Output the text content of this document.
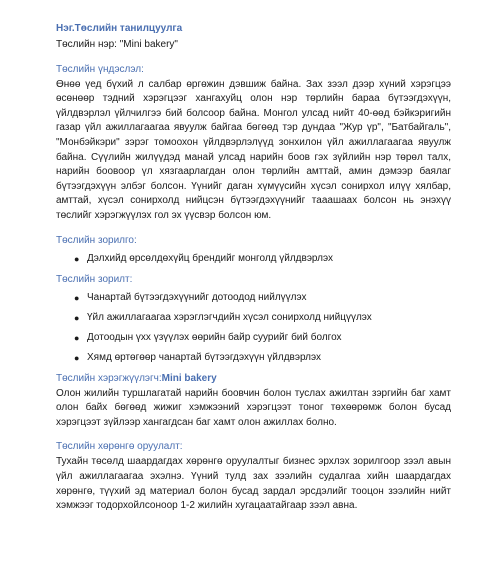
Нэг.Төслийн танилцуулга
Төслийн нэр: "Mini bakery"
Төслийн үндэслэл:
Өнөө үед бүхий л салбар өргөжин дэвшиж байна. Зах зээл дээр хүний хэрэгцээ өсөнөөр тэдний хэрэгцээг хангахуйц олон нэр төрлийн бараа бүтээгдэхүүн, үйлдвэрлэл үйлчилгээ бий болсоор байна. Монгол улсад нийт 40-өөд бэйкэригийн газар үйл ажиллагаагаа явуулж байгаа бөгөөд тэр дундаа "Жур үр", "Батбайгаль", "Монбэйкэри" зэрэг томоохон үйлдвэрлэлүүд зонхилон үйл ажиллагаагаа явуулж байна. Сүүлийн жилүүдэд манай улсад нарийн боов гэх зүйлийн нэр төрөл талх, нарийн боовоор үл хязгаарлагдан олон төрлийн амттай, амин дэмээр баялаг бүтээгдэхүүн элбэг болсон. Үүнийг даган хүмүүсийн хүсэл сонирхол илүү хялбар, амттай, хүсэл сонирхолд нийцсэн бүтээгдэхүүнийг тааашаах болсон нь энэхүү төслийг хэрэгжүүлэх гол эх үүсвэр болсон юм.
Төслийн зорилго:
● Дэлхийд өрсөлдөхүйц брендийг монголд үйлдвэрлэх
Төслийн зорилт:
● Чанартай бүтээгдэхүүнийг дотоодод нийлүүлэх
● Үйл ажиллагаагаа хэрэглэгчдийн хүсэл сонирхолд нийцүүлэх
● Дотоодын үхх үзүүлэх өөрийн байр суурийг бий болгох
● Хямд өртөгөөр чанартай бүтээгдэхүүн үйлдвэрлэх
Төслийн хэрэгжүүлэгч:Mini bakery
Олон жилийн туршлагатай нарийн боовчин болон туслах ажилтан зэргийн баг хамт олон байх бөгөөд жижиг хэмжээний хэрэгцээт тоног төхөөрөмж болон бусад хэрэгцээт зүйлээр хангагдсан баг хамт олон ажиллах болно.
Төслийн хөрөнгө оруулалт:
Тухайн төсөлд шаардагдах хөрөнгө оруулалтыг бизнес эрхлэх зорилгоор зээл авын үйл ажиллагаагаа эхэлнэ. Үүний тулд зах зээлийн судалгаа хийн шаардагдах хөрөнгө, түүхий эд материал болон бусад зардал эрсдэлийг тооцон зээлийн нийт хэмжээг тодорхойлсоноор 1-2 жилийн хугацаатайгаар зээл авна.
